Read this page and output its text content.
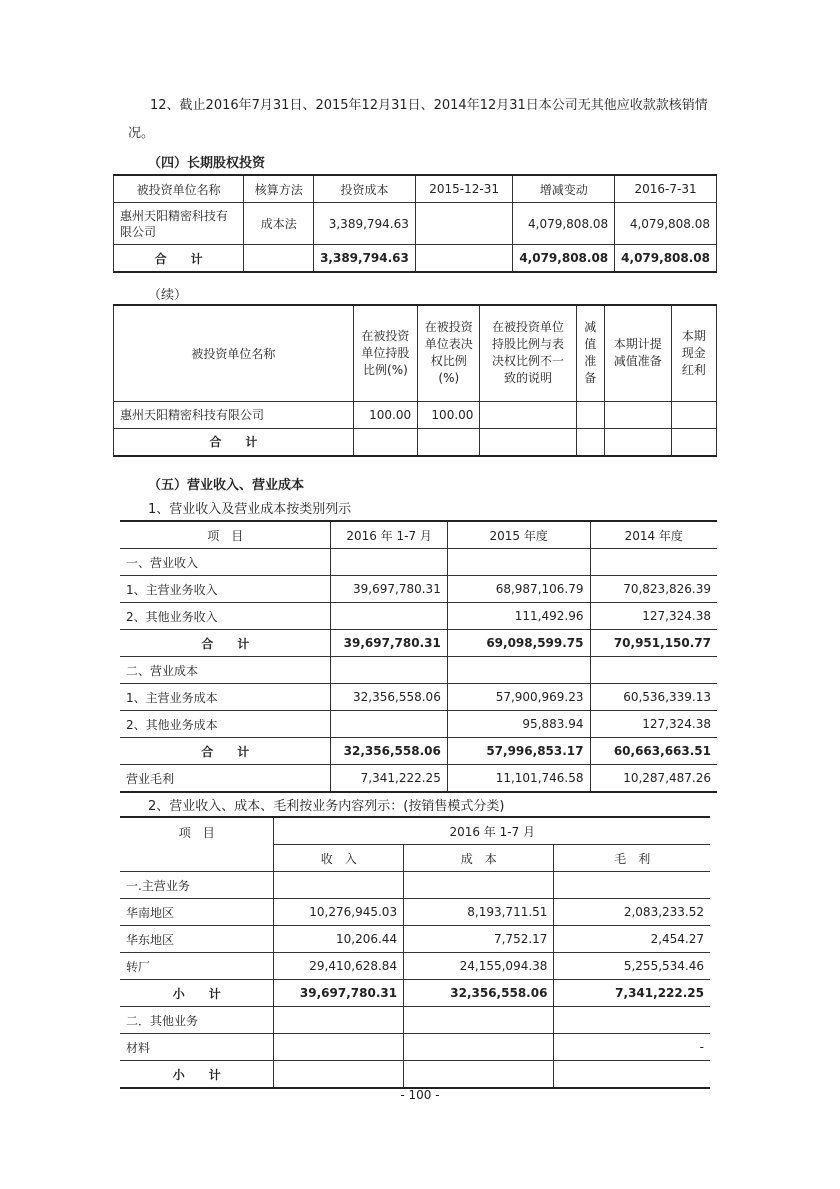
12、截止2016年7月31日、2015年12月31日、2014年12月31日本公司无其他应收款款核销情况。

（四）长期股权投资
被投资单位名称	核算方法	投资成本	2015-12-31	增减变动	2016-7-31
惠州天阳精密科技有限公司	成本法	3,389,794.63		4,079,808.08	4,079,808.08
合　　计		3,389,794.63		4,079,808.08	4,079,808.08
（续）
被投资单位名称	在被投资单位持股比例(%)	在被投资单位表决权比例(%)	在被投资单位持股比例与表决权比例不一致的说明	减值准备	本期计提减值准备	本期现金红利
惠州天阳精密科技有限公司	100.00	100.00				
合　　计						
（五）营业收入、营业成本
1、营业收入及营业成本按类别列示
项　目	2016 年 1-7 月	2015 年度	2014 年度
一、营业收入			
1、主营业务收入	39,697,780.31	68,987,106.79	70,823,826.39
2、其他业务收入		111,492.96	127,324.38
合　　计	39,697,780.31	69,098,599.75	70,951,150.77
二、营业成本			
1、主营业务成本	32,356,558.06	57,900,969.23	60,536,339.13
2、其他业务成本		95,883.94	127,324.38
合　　计	32,356,558.06	57,996,853.17	60,663,663.51
营业毛利	7,341,222.25	11,101,746.58	10,287,487.26
2、营业收入、成本、毛利按业务内容列示：(按销售模式分类)
项　目	2016 年 1-7 月		
	收　入	成　本	毛　利
一.主营业务			
华南地区	10,276,945.03	8,193,711.51	2,083,233.52
华东地区	10,206.44	7,752.17	2,454.27
转厂	29,410,628.84	24,155,094.38	5,255,534.46
小　　计	39,697,780.31	32,356,558.06	7,341,222.25
二．其他业务			
材料			-
小　　计			
- 100 -
